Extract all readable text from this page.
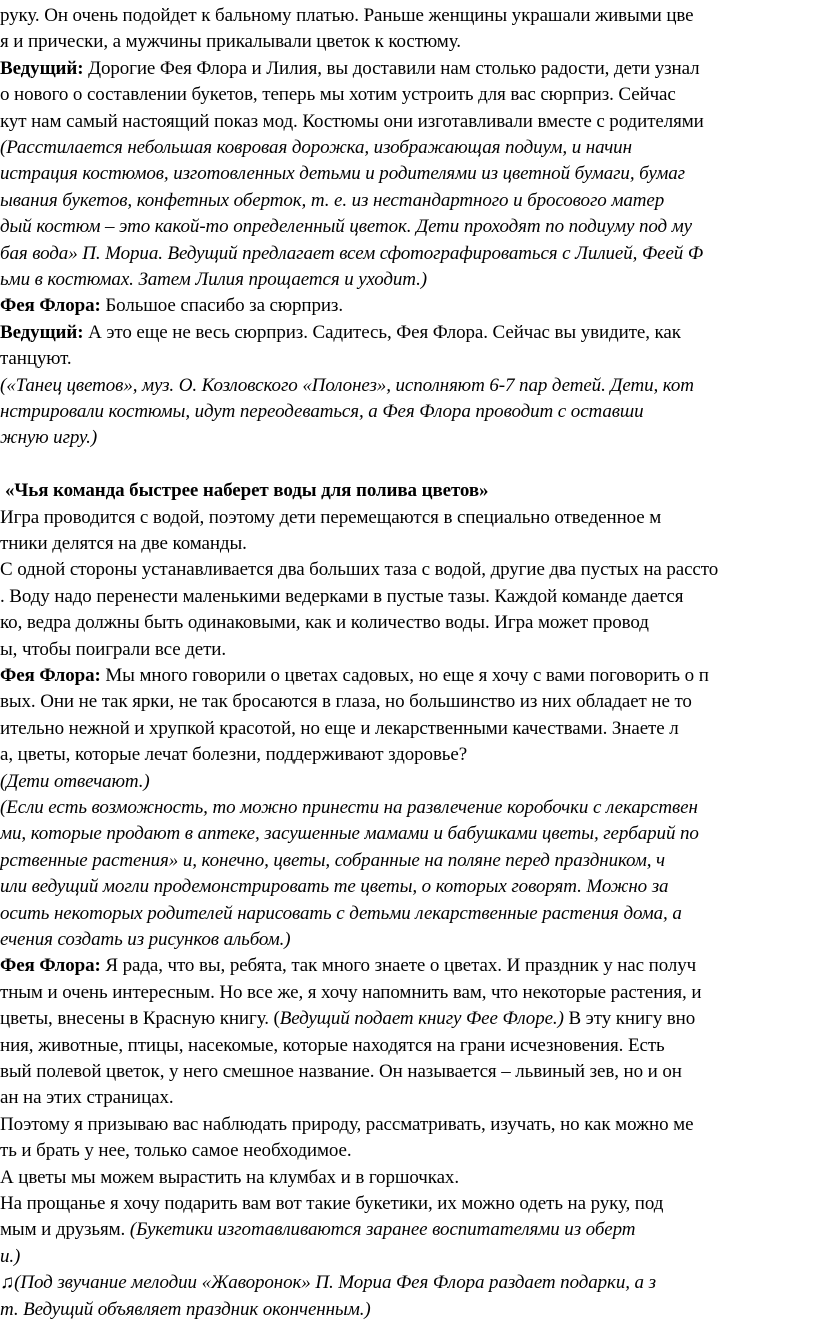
руку. Он очень подойдет к бальному платью. Раньше женщины украшали живыми цве
я и прически, а мужчины прикалывали цветок к костюму.
Ведущий: Дорогие Фея Флора и Лилия, вы доставили нам столько радости, дети узнал
о нового о составлении букетов, теперь мы хотим устроить для вас сюрприз. Сейчас
кут нам самый настоящий показ мод. Костюмы они изготавливали вместе с родителями
(Расстилается небольшая ковровая дорожка, изображающая подиум, и начин
истрация костюмов, изготовленных детьми и родителями из цветной бумаги, бумаг
ывания букетов, конфетных оберток, т. е. из нестандартного и бросового матер
дый костюм – это какой-то определенный цветок. Дети проходят по подиуму под му
бая вода» П. Мориа. Ведущий предлагает всем сфотографироваться с Лилией, Феей Ф
ьми в костюмах. Затем Лилия прощается и уходит.)
Фея Флора: Большое спасибо за сюрприз.
Ведущий: А это еще не весь сюрприз. Садитесь, Фея Флора. Сейчас вы увидите, как
танцуют.
(«Танец цветов», муз. О. Козловского «Полонез», исполняют 6-7 пар детей. Дети, кот
нстрировали костюмы, идут переодеваться, а Фея Флора проводит с оставши
жную игру.)
«Чья команда быстрее наберет воды для полива цветов»
Игра проводится с водой, поэтому дети перемещаются в специально отведенное м
тники делятся на две команды.
С одной стороны устанавливается два больших таза с водой, другие два пустых на рассто
. Воду надо перенести маленькими ведерками в пустые тазы. Каждой команде дается
ко, ведра должны быть одинаковыми, как и количество воды. Игра может провод
ы, чтобы поиграли все дети.
Фея Флора: Мы много говорили о цветах садовых, но еще я хочу с вами поговорить о п
вых. Они не так ярки, не так бросаются в глаза, но большинство из них обладает не то
ительно нежной и хрупкой красотой, но еще и лекарственными качествами. Знаете л
а, цветы, которые лечат болезни, поддерживают здоровье?
(Дети отвечают.)
(Если есть возможность, то можно принести на развлечение коробочки с лекарствен
ми, которые продают в аптеке, засушенные мамами и бабушками цветы, гербарий по
рственные растения» и, конечно, цветы, собранные на поляне перед праздником, ч
или ведущий могли продемонстрировать те цветы, о которых говорят. Можно за
осить некоторых родителей нарисовать с детьми лекарственные растения дома, а
ечения создать из рисунков альбом.)
Фея Флора: Я рада, что вы, ребята, так много знаете о цветах. И праздник у нас получ
тным и очень интересным. Но все же, я хочу напомнить вам, что некоторые растения, и
цветы, внесены в Красную книгу. (Ведущий подает книгу Фее Флоре.) В эту книгу вно
ния, животные, птицы, насекомые, которые находятся на грани исчезновения. Есть
вый полевой цветок, у него смешное название. Он называется – львиный зев, но и он
ан на этих страницах.
Поэтому я призываю вас наблюдать природу, рассматривать, изучать, но как можно ме
ть и брать у нее, только самое необходимое.
А цветы мы можем вырастить на клумбах и в горшочках.
На прощанье я хочу подарить вам вот такие букетики, их можно одеть на руку, под
мым и друзьям. (Букетики изготавливаются заранее воспитателями из оберт
и.)
♫(Под звучание мелодии «Жаворонок» П. Мориа Фея Флора раздает подарки, а з
т. Ведущий объявляет праздник оконченным.)
